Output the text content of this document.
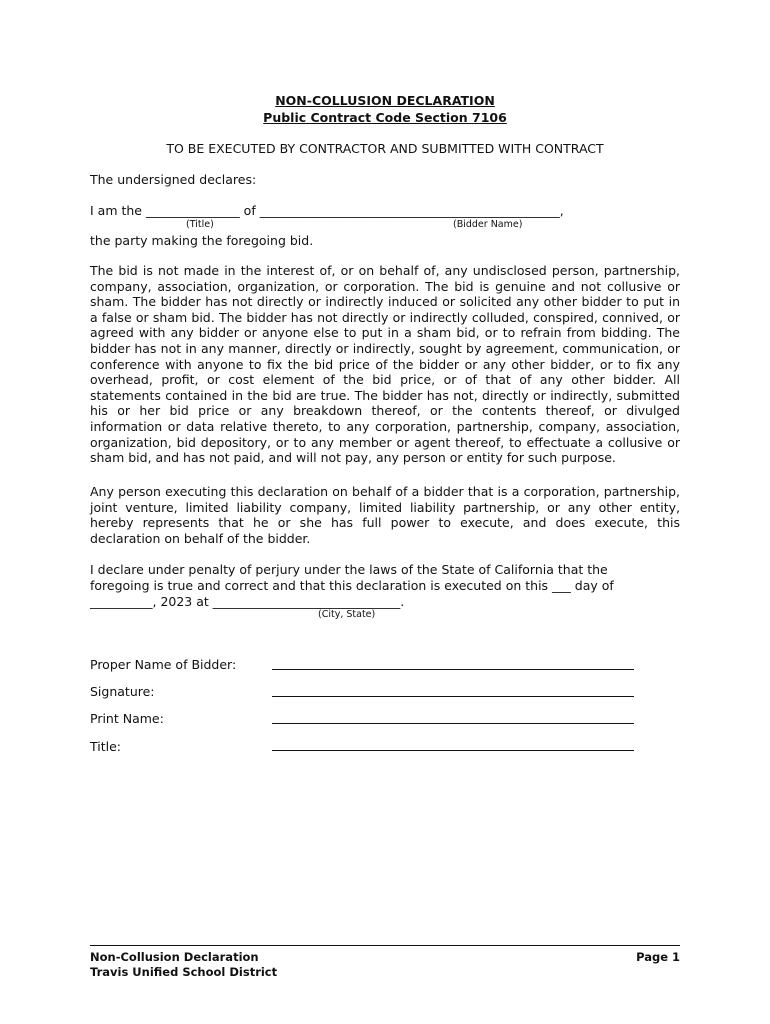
NON-COLLUSION DECLARATION
Public Contract Code Section 7106
TO BE EXECUTED BY CONTRACTOR AND SUBMITTED WITH CONTRACT
The undersigned declares:
I am the _______________ of ________________________________________________,
(Title)	(Bidder Name)
the party making the foregoing bid.
The bid is not made in the interest of, or on behalf of, any undisclosed person, partnership, company, association, organization, or corporation. The bid is genuine and not collusive or sham. The bidder has not directly or indirectly induced or solicited any other bidder to put in a false or sham bid. The bidder has not directly or indirectly colluded, conspired, connived, or agreed with any bidder or anyone else to put in a sham bid, or to refrain from bidding. The bidder has not in any manner, directly or indirectly, sought by agreement, communication, or conference with anyone to fix the bid price of the bidder or any other bidder, or to fix any overhead, profit, or cost element of the bid price, or of that of any other bidder. All statements contained in the bid are true. The bidder has not, directly or indirectly, submitted his or her bid price or any breakdown thereof, or the contents thereof, or divulged information or data relative thereto, to any corporation, partnership, company, association, organization, bid depository, or to any member or agent thereof, to effectuate a collusive or sham bid, and has not paid, and will not pay, any person or entity for such purpose.
Any person executing this declaration on behalf of a bidder that is a corporation, partnership, joint venture, limited liability company, limited liability partnership, or any other entity, hereby represents that he or she has full power to execute, and does execute, this declaration on behalf of the bidder.
I declare under penalty of perjury under the laws of the State of California that the
foregoing is true and correct and that this declaration is executed on this ___ day of
__________, 2023 at ______________________________.
(City, State)
Proper Name of Bidder:
Signature:
Print Name:
Title:
Non-Collusion Declaration
Travis Unified School District
Page 1
